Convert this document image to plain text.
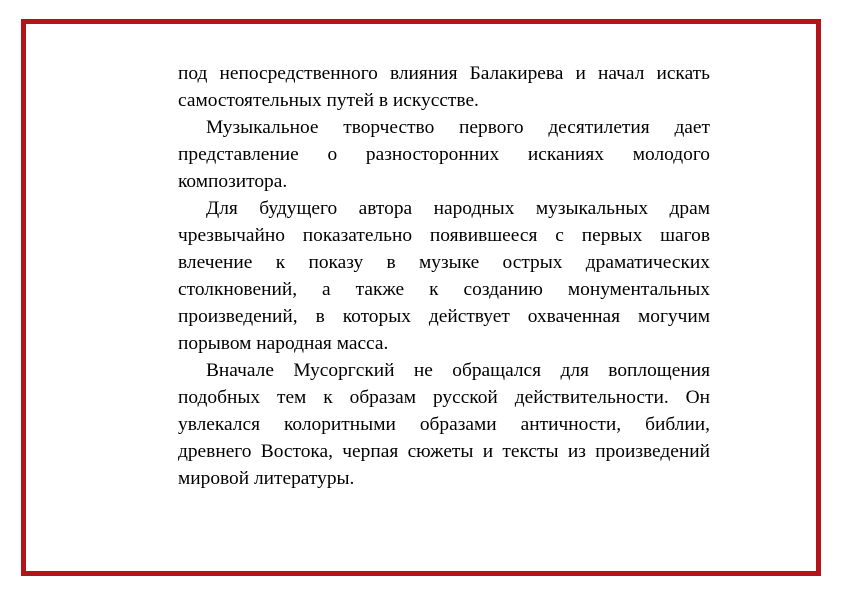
под непосредственного влияния Балакирева и начал искать самостоятельных путей в искусстве.

Музыкальное творчество первого десятилетия дает представление о разносторонних исканиях молодого композитора.

Для будущего автора народных музыкальных драм чрезвычайно показательно появившееся с первых шагов влечение к показу в музыке острых драматических столкновений, а также к созданию монументальных произведений, в которых действует охваченная могучим порывом народная масса.

Вначале Мусоргский не обращался для воплощения подобных тем к образам русской действительности. Он увлекался колоритными образами античности, библии, древнего Востока, черпая сюжеты и тексты из произведений мировой литературы.
